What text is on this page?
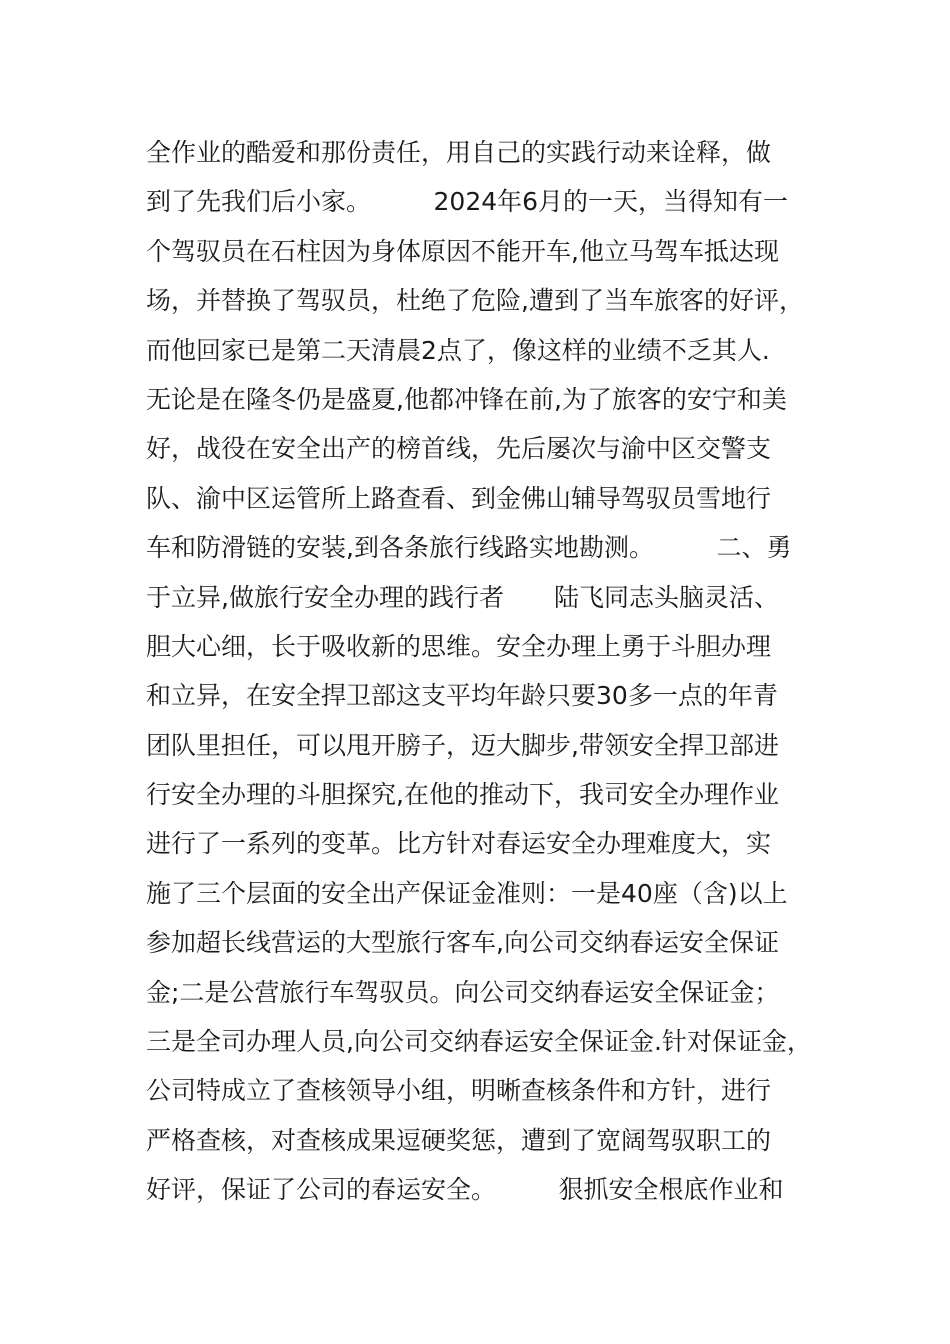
全作业的酷爱和那份责任，用自己的实践行动来诠释，做
到了先我们后小家。　　　2024年6月的一天，当得知有一
个驾驭员在石柱因为身体原因不能开车,他立马驾车抵达现
场，并替换了驾驭员，杜绝了危险,遭到了当车旅客的好评，
而他回家已是第二天清晨2点了，像这样的业绩不乏其人.
无论是在隆冬仍是盛夏,他都冲锋在前,为了旅客的安宁和美
好，战役在安全出产的榜首线，先后屡次与渝中区交警支
队、渝中区运管所上路查看、到金佛山辅导驾驭员雪地行
车和防滑链的安装,到各条旅行线路实地勘测。　　　二、勇
于立异,做旅行安全办理的践行者　　陆飞同志头脑灵活、
胆大心细，长于吸收新的思维。安全办理上勇于斗胆办理
和立异，在安全捍卫部这支平均年龄只要30多一点的年青
团队里担任，可以甩开膀子，迈大脚步,带领安全捍卫部进
行安全办理的斗胆探究,在他的推动下，我司安全办理作业
进行了一系列的变革。比方针对春运安全办理难度大，实
施了三个层面的安全出产保证金准则：一是40座（含)以上
参加超长线营运的大型旅行客车,向公司交纳春运安全保证
金;二是公营旅行车驾驭员。向公司交纳春运安全保证金；
三是全司办理人员,向公司交纳春运安全保证金.针对保证金，
公司特成立了查核领导小组，明晰查核条件和方针，进行
严格查核，对查核成果逗硬奖惩，遭到了宽阔驾驭职工的
好评，保证了公司的春运安全。　　　狠抓安全根底作业和
